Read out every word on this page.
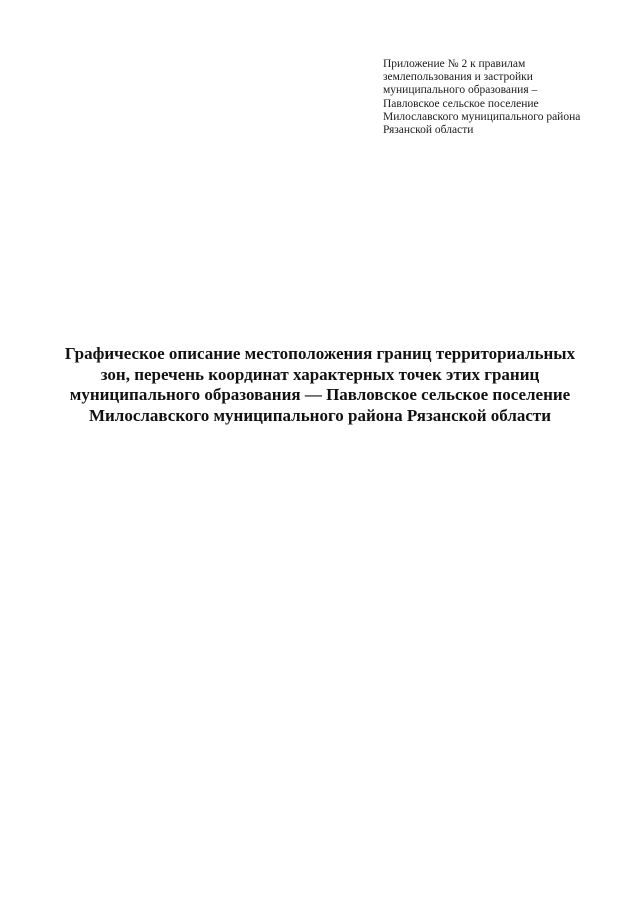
Приложение № 2 к правилам
землепользования и застройки
муниципального образования –
Павловское сельское поселение
Милославского муниципального района
Рязанской области
Графическое описание местоположения границ территориальных
зон, перечень координат характерных точек этих границ
муниципального образования — Павловское сельское поселение
Милославского муниципального района Рязанской области
